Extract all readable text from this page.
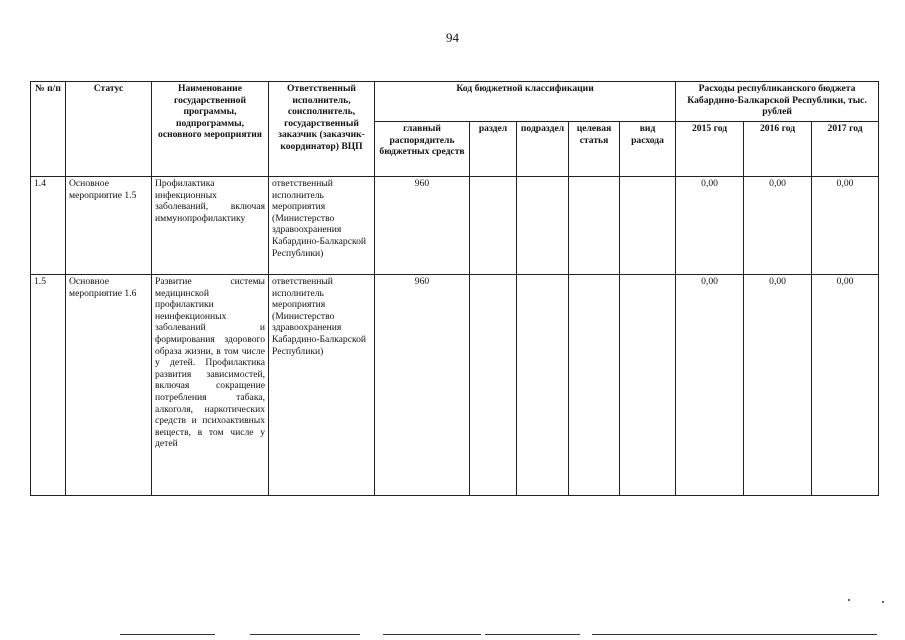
94
№ п/п	Статус	Наименование государственной программы, подпрограммы, основного мероприятия	Ответственный исполнитель, соисполнитель, государственный заказчик (заказчик-координатор) ВЦП	Код бюджетной классификации					Расходы республиканского бюджета Кабардино-Балкарской Республики, тыс. рублей		
				главный распорядитель бюджетных средств	раздел	подраздел	целевая статья	вид расхода	2015 год	2016 год	2017 год
1.4	Основное мероприятие 1.5	Профилактика инфекционных заболеваний, включая иммунопрофилактику	ответственный исполнитель мероприятия (Министерство здравоохранения Кабардино-Балкарской Республики)	960					0,00	0,00	0,00
1.5	Основное мероприятие 1.6	Развитие системы медицинской профилактики неинфекционных заболеваний и формирования здорового образа жизни, в том числе у детей. Профилактика развития зависимостей, включая сокращение потребления табака, алкоголя, наркотических средств и психоактивных веществ, в том числе у детей	ответственный исполнитель мероприятия (Министерство здравоохранения Кабардино-Балкарской Республики)	960					0,00	0,00	0,00
